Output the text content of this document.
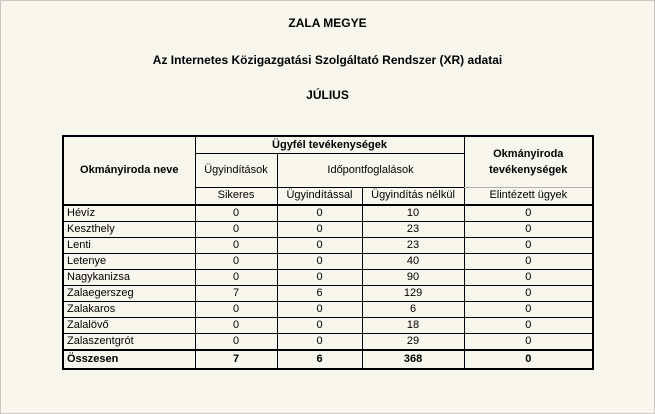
ZALA MEGYE
Az Internetes Közigazgatási Szolgáltató Rendszer (XR) adatai
JÚLIUS
Okmányiroda neve	Ügyfél tevékenységek			Okmányiroda tevékenységek
	Ügyindítások	Időpontfoglalások		
	Sikeres	Ügyindítással	Ügyindítás nélkül	Elintézett ügyek
Hévíz	0	0	10	0
Keszthely	0	0	23	0
Lenti	0	0	23	0
Letenye	0	0	40	0
Nagykanizsa	0	0	90	0
Zalaegerszeg	7	6	129	0
Zalakaros	0	0	6	0
Zalalövő	0	0	18	0
Zalaszentgrót	0	0	29	0
Összesen	7	6	368	0
